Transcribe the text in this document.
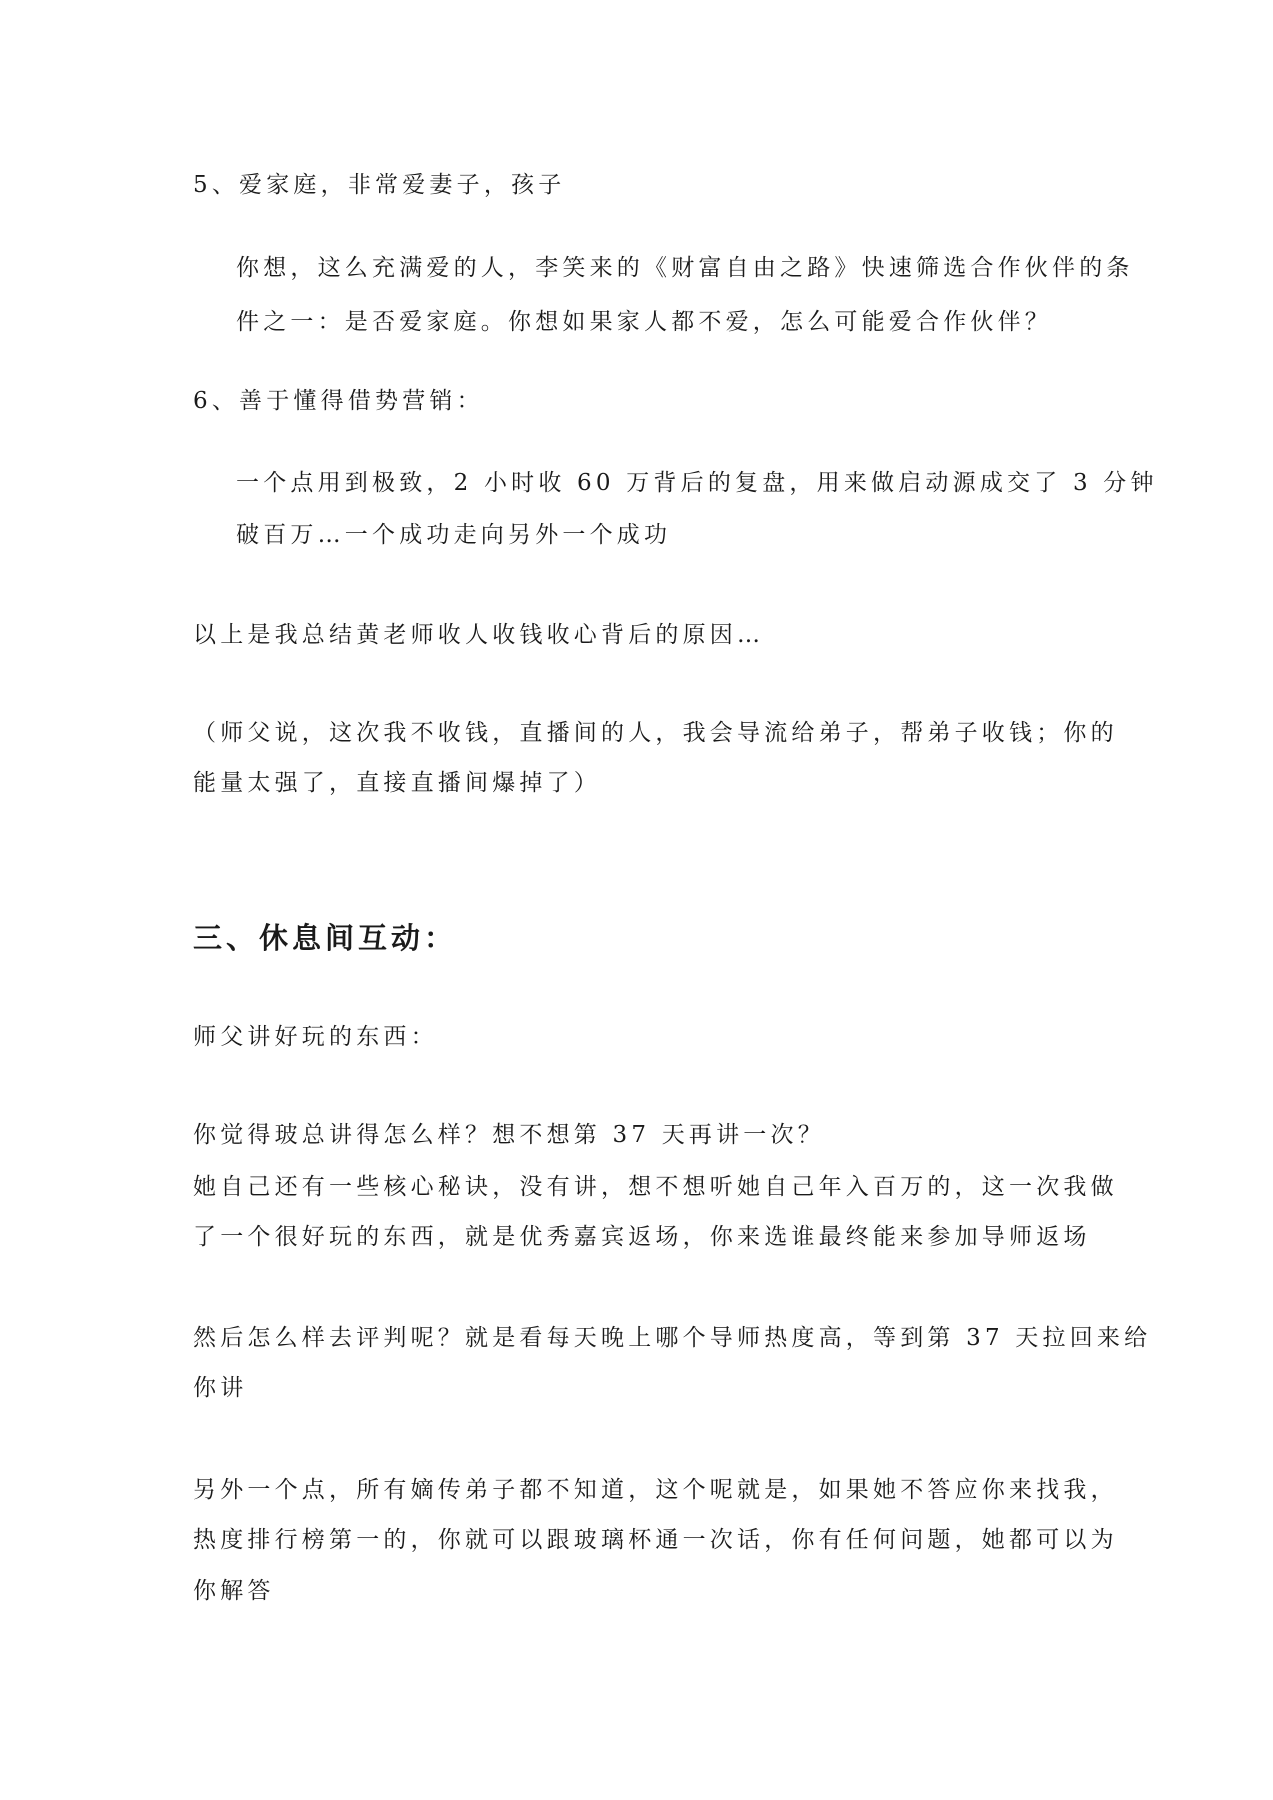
5、爱家庭，非常爱妻子，孩子
你想，这么充满爱的人，李笑来的《财富自由之路》快速筛选合作伙伴的条
件之一：是否爱家庭。你想如果家人都不爱，怎么可能爱合作伙伴？
6、善于懂得借势营销：
一个点用到极致，2 小时收 60 万背后的复盘，用来做启动源成交了 3 分钟
破百万…一个成功走向另外一个成功
以上是我总结黄老师收人收钱收心背后的原因…
（师父说，这次我不收钱，直播间的人，我会导流给弟子，帮弟子收钱；你的
能量太强了，直接直播间爆掉了）
三、休息间互动：
师父讲好玩的东西：
你觉得玻总讲得怎么样？想不想第 37 天再讲一次？
她自己还有一些核心秘诀，没有讲，想不想听她自己年入百万的，这一次我做
了一个很好玩的东西，就是优秀嘉宾返场，你来选谁最终能来参加导师返场
然后怎么样去评判呢？就是看每天晚上哪个导师热度高，等到第 37 天拉回来给
你讲
另外一个点，所有嫡传弟子都不知道，这个呢就是，如果她不答应你来找我，
热度排行榜第一的，你就可以跟玻璃杯通一次话，你有任何问题，她都可以为
你解答
